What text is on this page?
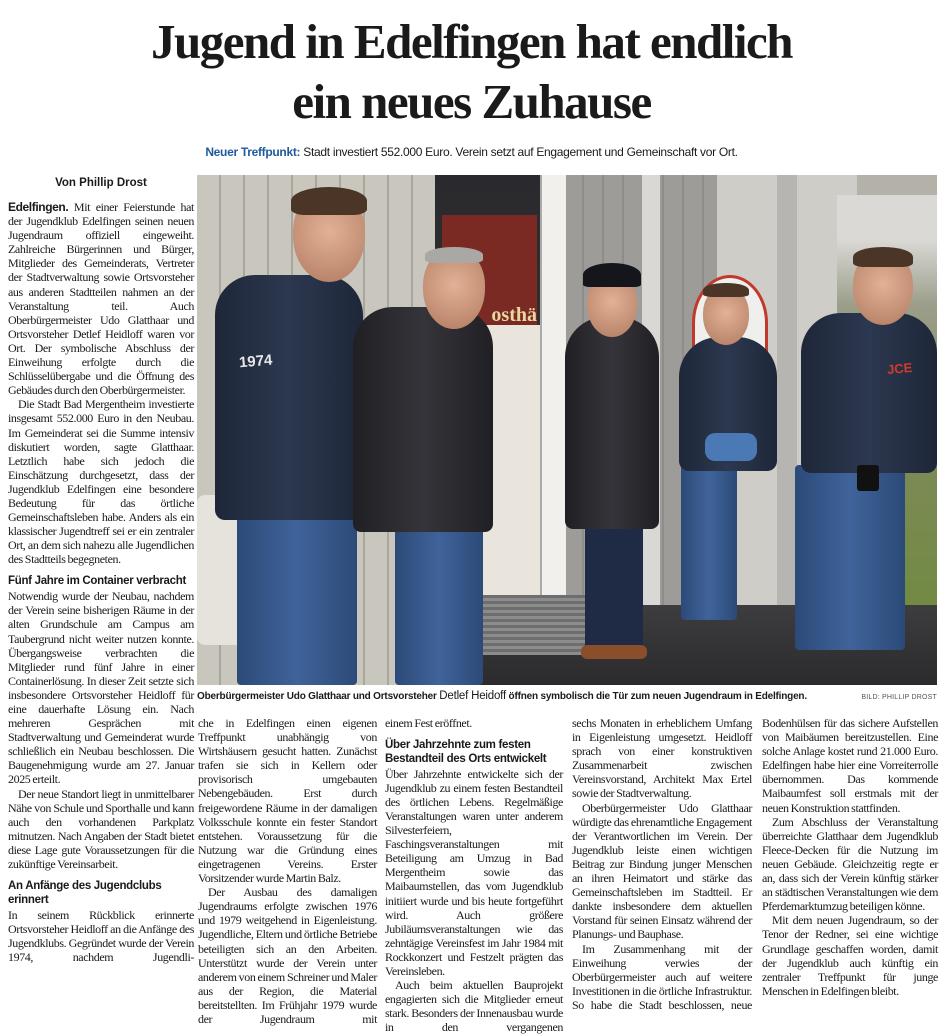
Jugend in Edelfingen hat endlich
ein neues Zuhause
Neuer Treffpunkt: Stadt investiert 552.000 Euro. Verein setzt auf Engagement und Gemeinschaft vor Ort.
Von Phillip Drost
osthä
1974	JCE
Oberbürgermeister Udo Glatthaar und Ortsvorsteher Detlef Heidoff öffnen symbolisch die Tür zum neuen Jugendraum in Edelfingen.	BILD: PHILLIP DROST

Edelfingen. Mit einer Feierstunde hat der Jugendklub Edelfingen seinen neuen Jugendraum offiziell eingeweiht. Zahlreiche Bürgerinnen und Bürger, Mitglieder des Gemeinderats, Vertreter der Stadtverwaltung sowie Ortsvorsteher aus anderen Stadtteilen nahmen an der Veranstaltung teil. Auch Oberbürgermeister Udo Glatthaar und Ortsvorsteher Detlef Heidloff waren vor Ort. Der symbolische Abschluss der Einweihung erfolgte durch die Schlüsselübergabe und die Öffnung des Gebäudes durch den Oberbürgermeister.

Die Stadt Bad Mergentheim investierte insgesamt 552.000 Euro in den Neubau. Im Gemeinderat sei die Summe intensiv diskutiert worden, sagte Glatthaar. Letztlich habe sich jedoch die Einschätzung durchgesetzt, dass der Jugendklub Edelfingen eine besondere Bedeutung für das örtliche Gemeinschaftsleben habe. Anders als ein klassischer Jugendtreff sei er ein zentraler Ort, an dem sich nahezu alle Jugendlichen des Stadtteils begegneten.

Fünf Jahre im Container verbracht

Notwendig wurde der Neubau, nachdem der Verein seine bisherigen Räume in der alten Grundschule am Campus am Taubergrund nicht weiter nutzen konnte. Übergangsweise verbrachten die Mitglieder rund fünf Jahre in einer Containerlösung. In dieser Zeit setzte sich insbesondere Ortsvorsteher Heidloff für eine dauerhafte Lösung ein. Nach mehreren Gesprächen mit Stadtverwaltung und Gemeinderat wurde schließlich ein Neubau beschlossen. Die Baugenehmigung wurde am 27. Januar 2025 erteilt.

Der neue Standort liegt in unmittelbarer Nähe von Schule und Sporthalle und kann auch den vorhandenen Parkplatz mitnutzen. Nach Angaben der Stadt bietet diese Lage gute Voraussetzungen für die zukünftige Vereinsarbeit.

An Anfänge des Jugendclubs erinnert

In seinem Rückblick erinnerte Ortsvorsteher Heidloff an die Anfänge des Jugendklubs. Gegründet wurde der Verein 1974, nachdem Jugendli-

che in Edelfingen einen eigenen Treffpunkt unabhängig von Wirtshäusern gesucht hatten. Zunächst trafen sie sich in Kellern oder provisorisch umgebauten Nebengebäuden. Erst durch freigewordene Räume in der damaligen Volksschule konnte ein fester Standort entstehen. Voraussetzung für die Nutzung war die Gründung eines eingetragenen Vereins. Erster Vorsitzender wurde Martin Balz.

Der Ausbau des damaligen Jugendraums erfolgte zwischen 1976 und 1979 weitgehend in Eigenleistung. Jugendliche, Eltern und örtliche Betriebe beteiligten sich an den Arbeiten. Unterstützt wurde der Verein unter anderem von einem Schreiner und Maler aus der Region, die Material bereitstellten. Im Frühjahr 1979 wurde der Jugendraum mit

einem Fest eröffnet.

Über Jahrzehnte zum festen Bestandteil des Orts entwickelt

Über Jahrzehnte entwickelte sich der Jugendklub zu einem festen Bestandteil des örtlichen Lebens. Regelmäßige Veranstaltungen waren unter anderem Silvesterfeiern, Faschingsveranstaltungen mit Beteiligung am Umzug in Bad Mergentheim sowie das Maibaumstellen, das vom Jugendklub initiiert wurde und bis heute fortgeführt wird. Auch größere Jubiläumsveranstaltungen wie das zehntägige Vereinsfest im Jahr 1984 mit Rockkonzert und Festzelt prägten das Vereinsleben.

Auch beim aktuellen Bauprojekt engagierten sich die Mitglieder erneut stark. Besonders der Innenausbau wurde in den vergangenen

sechs Monaten in erheblichem Umfang in Eigenleistung umgesetzt. Heidloff sprach von einer konstruktiven Zusammenarbeit zwischen Vereinsvorstand, Architekt Max Ertel sowie der Stadtverwaltung.

Oberbürgermeister Udo Glatthaar würdigte das ehrenamtliche Engagement der Verantwortlichen im Verein. Der Jugendklub leiste einen wichtigen Beitrag zur Bindung junger Menschen an ihren Heimatort und stärke das Gemeinschaftsleben im Stadtteil. Er dankte insbesondere dem aktuellen Vorstand für seinen Einsatz während der Planungs- und Bauphase.

Im Zusammenhang mit der Einweihung verwies der Oberbürgermeister auch auf weitere Investitionen in die örtliche Infrastruktur. So habe die Stadt beschlossen, neue

Bodenhülsen für das sichere Aufstellen von Maibäumen bereitzustellen. Eine solche Anlage kostet rund 21.000 Euro. Edelfingen habe hier eine Vorreiterrolle übernommen. Das kommende Maibaumfest soll erstmals mit der neuen Konstruktion stattfinden.

Zum Abschluss der Veranstaltung überreichte Glatthaar dem Jugendklub Fleece-Decken für die Nutzung im neuen Gebäude. Gleichzeitig regte er an, dass sich der Verein künftig stärker an städtischen Veranstaltungen wie dem Pferdemarktumzug beteiligen könne.

Mit dem neuen Jugendraum, so der Tenor der Redner, sei eine wichtige Grundlage geschaffen worden, damit der Jugendklub auch künftig ein zentraler Treffpunkt für junge Menschen in Edelfingen bleibt.
